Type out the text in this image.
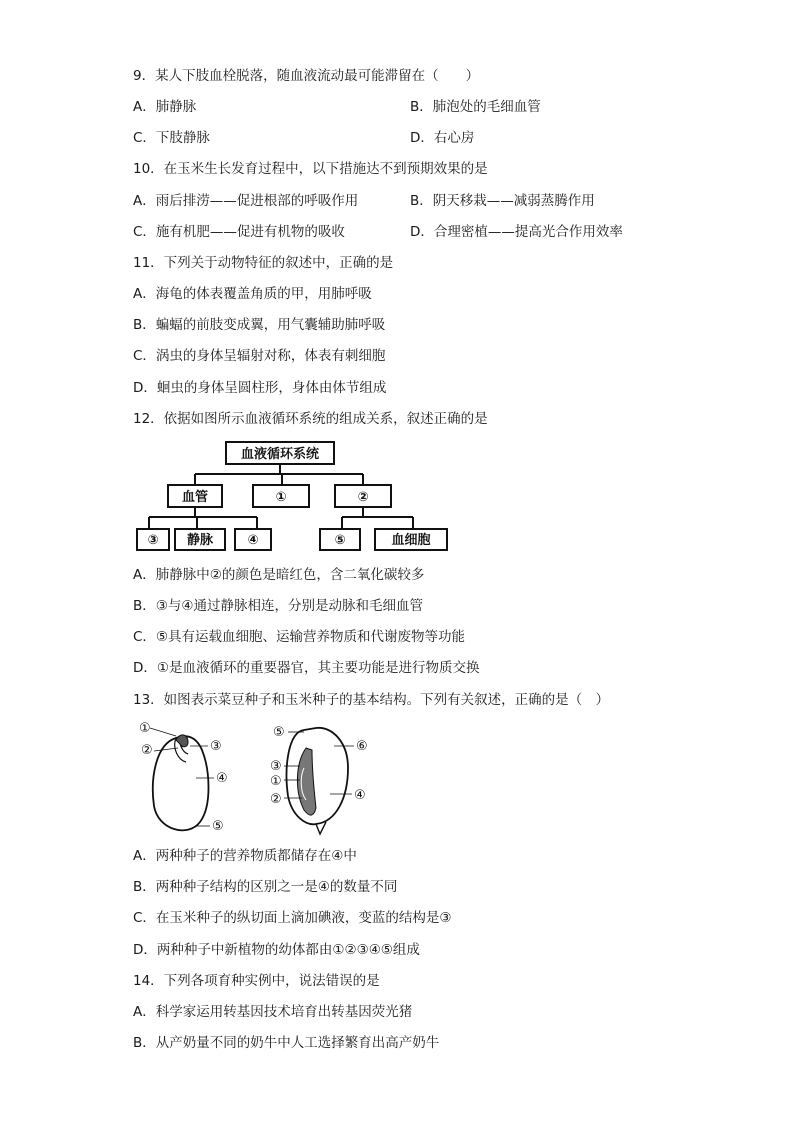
9．某人下肢血栓脱落，随血液流动最可能滞留在（　　）
A．肺静脉	B．肺泡处的毛细血管
C．下肢静脉	D．右心房
10．在玉米生长发育过程中，以下措施达不到预期效果的是
A．雨后排涝——促进根部的呼吸作用	B．阴天移栽——减弱蒸腾作用
C．施有机肥——促进有机物的吸收	D．合理密植——提高光合作用效率
11．下列关于动物特征的叙述中，正确的是
A．海龟的体表覆盖角质的甲，用肺呼吸
B．蝙蝠的前肢变成翼，用气囊辅助肺呼吸
C．涡虫的身体呈辐射对称，体表有刺细胞
D．蛔虫的身体呈圆柱形，身体由体节组成
12．依据如图所示血液循环系统的组成关系，叙述正确的是
血液循环系统
血管	①	②
③ 静脉	④	⑤	血细胞
A．肺静脉中②的颜色是暗红色，含二氧化碳较多
B．③与④通过静脉相连，分别是动脉和毛细血管
C．⑤具有运载血细胞、运输营养物质和代谢废物等功能
D．①是血液循环的重要器官，其主要功能是进行物质交换
13．如图表示菜豆种子和玉米种子的基本结构。下列有关叙述，正确的是（　）
①
②	③
④
⑤
⑤
⑥
③
①
②	④
A．两种种子的营养物质都储存在④中
B．两种种子结构的区别之一是④的数量不同
C．在玉米种子的纵切面上滴加碘液，变蓝的结构是③
D．两种种子中新植物的幼体都由①②③④⑤组成
14．下列各项育种实例中，说法错误的是
A．科学家运用转基因技术培育出转基因荧光猪
B．从产奶量不同的奶牛中人工选择繁育出高产奶牛
